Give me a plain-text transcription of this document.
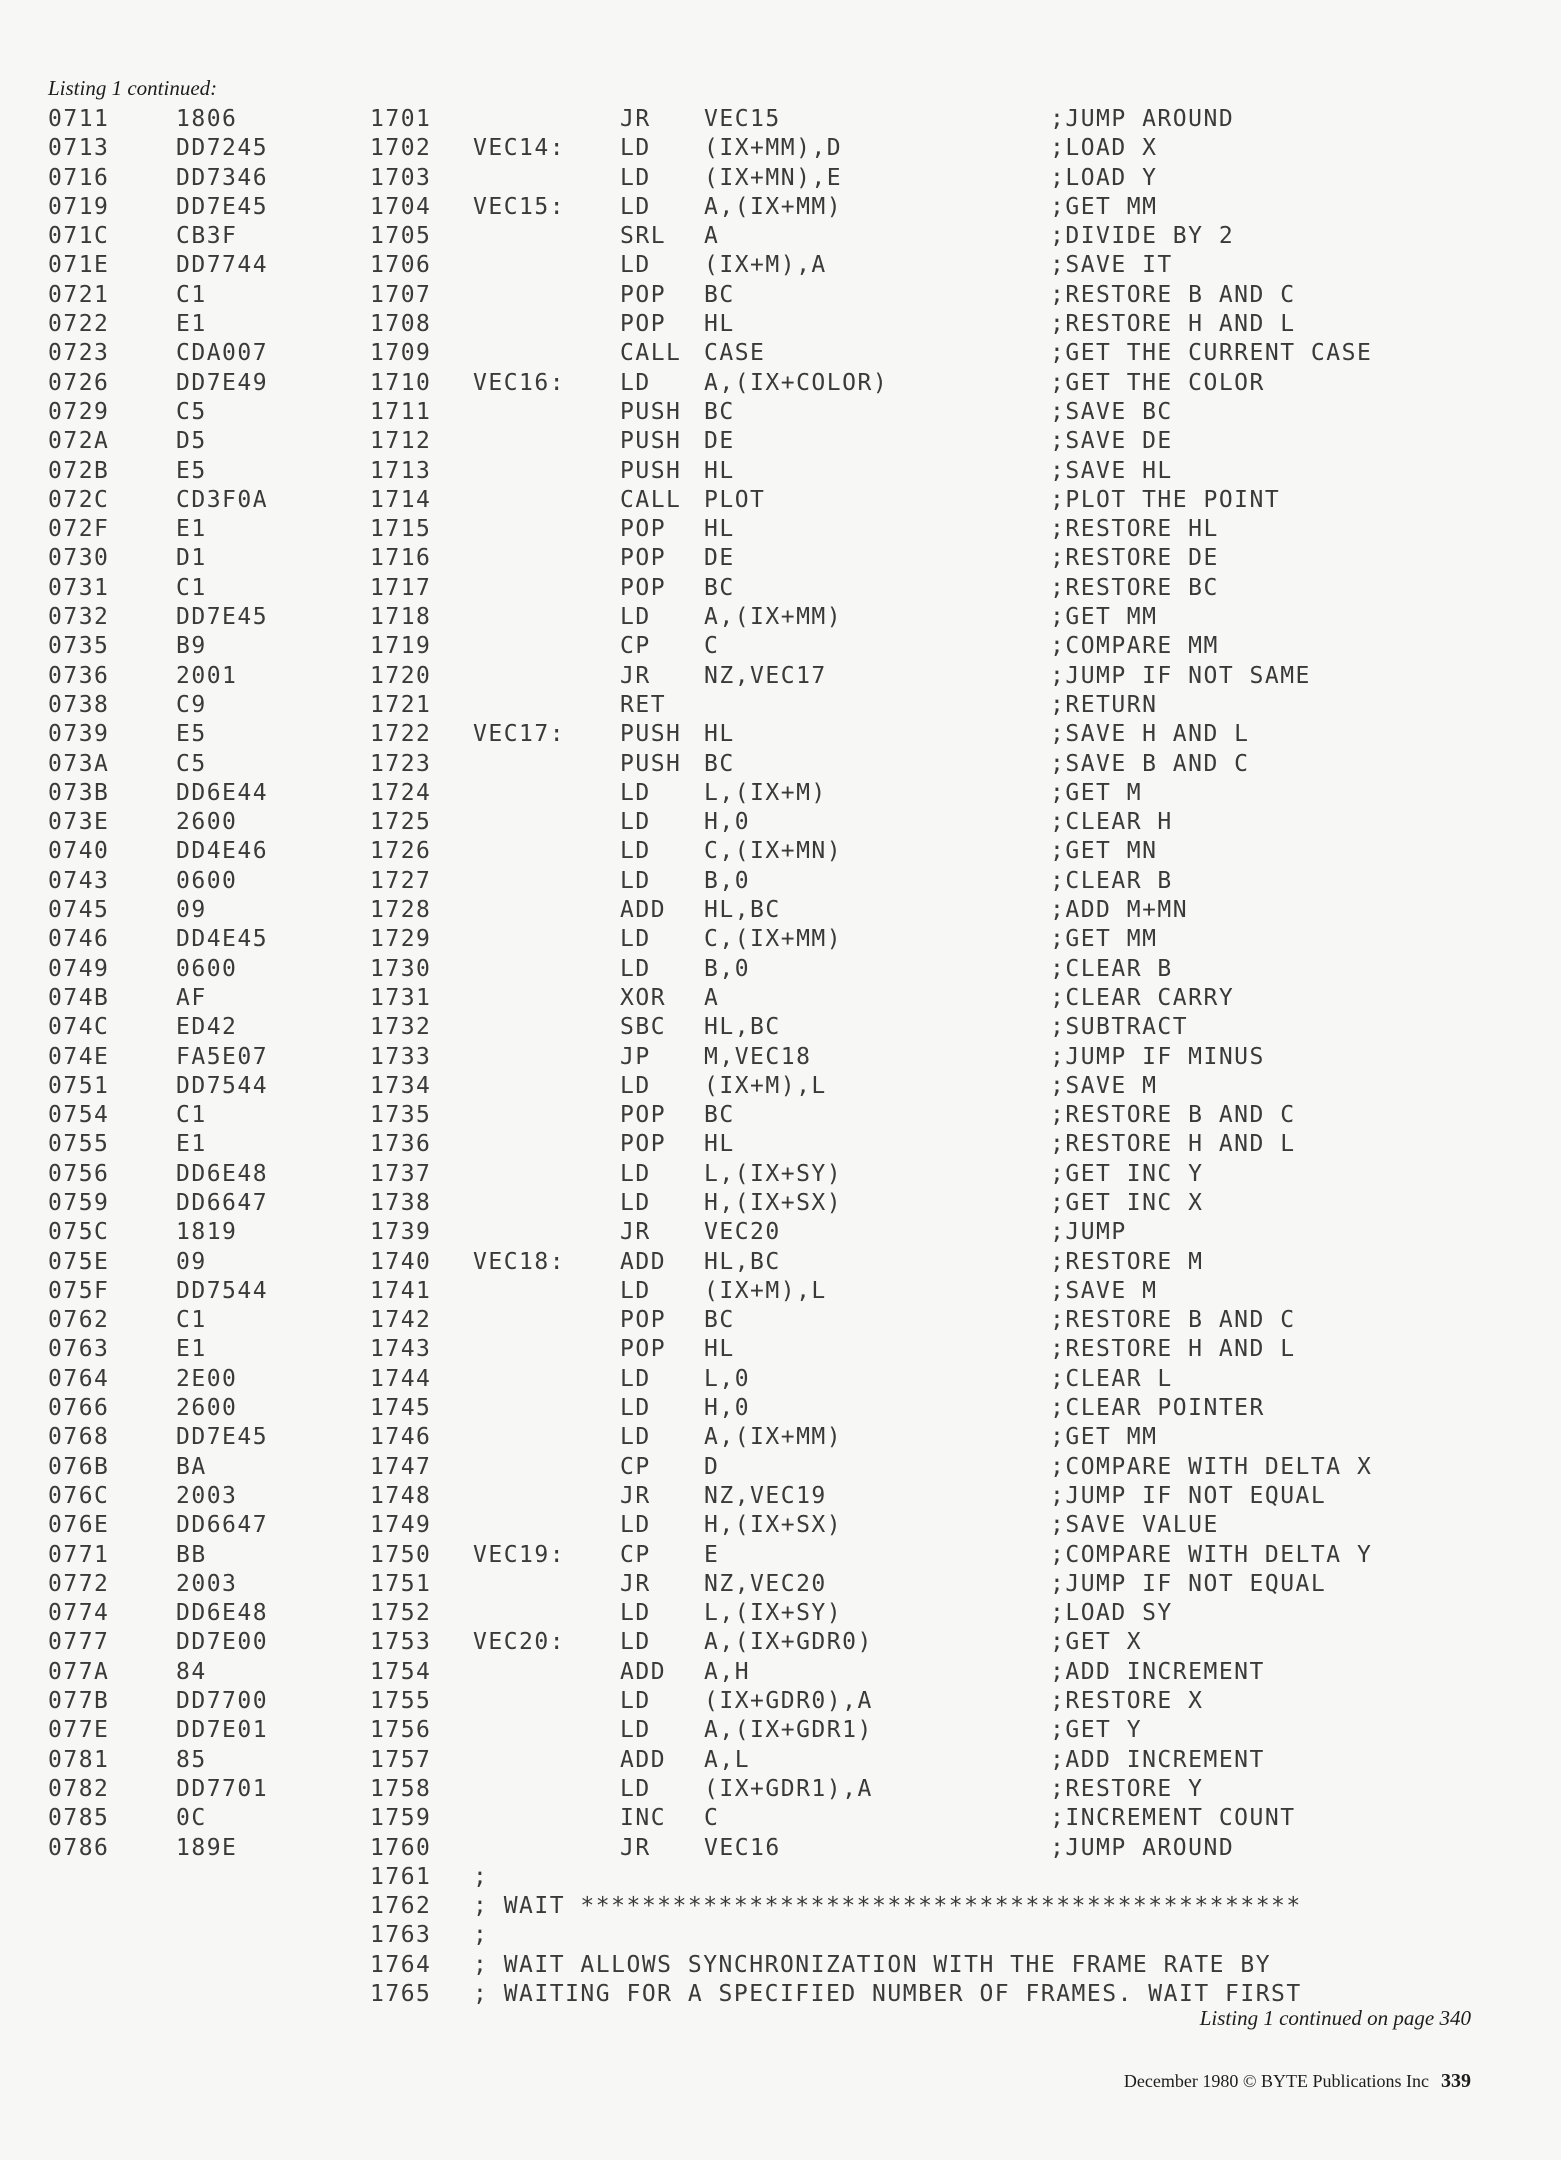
Listing 1 continued:
0711	1806	1701	JR VEC15	;JUMP AROUND
0713	DD7245	1702 VEC14: LD (IX+MM),D	;LOAD X
0716	DD7346	1703	LD (IX+MN),E	;LOAD Y
0719	DD7E45	1704 VEC15: LD A,(IX+MM)	;GET MM
071C	CB3F	1705	SRL A	;DIVIDE BY 2
071E	DD7744	1706	LD (IX+M),A	;SAVE IT
0721	C1	1707	POP BC	;RESTORE B AND C
0722	E1	1708	POP HL	;RESTORE H AND L
0723	CDA007	1709	CALL CASE	;GET THE CURRENT CASE
0726	DD7E49	1710 VEC16: LD A,(IX+COLOR)	;GET THE COLOR
0729	C5	1711	PUSH BC	;SAVE BC
072A	D5	1712	PUSH DE	;SAVE DE
072B	E5	1713	PUSH HL	;SAVE HL
072C	CD3F0A	1714	CALL PLOT	;PLOT THE POINT
072F	E1	1715	POP HL	;RESTORE HL
0730	D1	1716	POP DE	;RESTORE DE
0731	C1	1717	POP BC	;RESTORE BC
0732	DD7E45	1718	LD A,(IX+MM)	;GET MM
0735	B9	1719	CP C	;COMPARE MM
0736	2001	1720	JR NZ,VEC17	;JUMP IF NOT SAME
0738	C9	1721	RET	;RETURN
0739	E5	1722 VEC17: PUSH HL	;SAVE H AND L
073A	C5	1723	PUSH BC	;SAVE B AND C
073B	DD6E44	1724	LD L,(IX+M)	;GET M
073E	2600	1725	LD H,0	;CLEAR H
0740	DD4E46	1726	LD C,(IX+MN)	;GET MN
0743	0600	1727	LD B,0	;CLEAR B
0745	09	1728	ADD HL,BC	;ADD M+MN
0746	DD4E45	1729	LD C,(IX+MM)	;GET MM
0749	0600	1730	LD B,0	;CLEAR B
074B	AF	1731	XOR A	;CLEAR CARRY
074C	ED42	1732	SBC HL,BC	;SUBTRACT
074E	FA5E07	1733	JP M,VEC18	;JUMP IF MINUS
0751	DD7544	1734	LD (IX+M),L	;SAVE M
0754	C1	1735	POP BC	;RESTORE B AND C
0755	E1	1736	POP HL	;RESTORE H AND L
0756	DD6E48	1737	LD L,(IX+SY)	;GET INC Y
0759	DD6647	1738	LD H,(IX+SX)	;GET INC X
075C	1819	1739	JR VEC20	;JUMP
075E	09	1740 VEC18: ADD HL,BC	;RESTORE M
075F	DD7544	1741	LD (IX+M),L	;SAVE M
0762	C1	1742	POP BC	;RESTORE B AND C
0763	E1	1743	POP HL	;RESTORE H AND L
0764	2E00	1744	LD L,0	;CLEAR L
0766	2600	1745	LD H,0	;CLEAR POINTER
0768	DD7E45	1746	LD A,(IX+MM)	;GET MM
076B	BA	1747	CP D	;COMPARE WITH DELTA X
076C	2003	1748	JR NZ,VEC19	;JUMP IF NOT EQUAL
076E	DD6647	1749	LD H,(IX+SX)	;SAVE VALUE
0771	BB	1750 VEC19: CP E	;COMPARE WITH DELTA Y
0772	2003	1751	JR NZ,VEC20	;JUMP IF NOT EQUAL
0774	DD6E48	1752	LD L,(IX+SY)	;LOAD SY
0777	DD7E00	1753 VEC20: LD A,(IX+GDR0)	;GET X
077A	84	1754	ADD A,H	;ADD INCREMENT
077B	DD7700	1755	LD (IX+GDR0),A	;RESTORE X
077E	DD7E01	1756	LD A,(IX+GDR1)	;GET Y
0781	85	1757	ADD A,L	;ADD INCREMENT
0782	DD7701	1758	LD (IX+GDR1),A	;RESTORE Y
0785	0C	1759	INC C	;INCREMENT COUNT
0786	189E	1760	JR VEC16	;JUMP AROUND
1761 ;
1762 ; WAIT ***********************************************
1763 ;
1764 ; WAIT ALLOWS SYNCHRONIZATION WITH THE FRAME RATE BY
1765 ; WAITING FOR A SPECIFIED NUMBER OF FRAMES. WAIT FIRST
Listing 1 continued on page 340
December 1980 © BYTE Publications Inc 339
